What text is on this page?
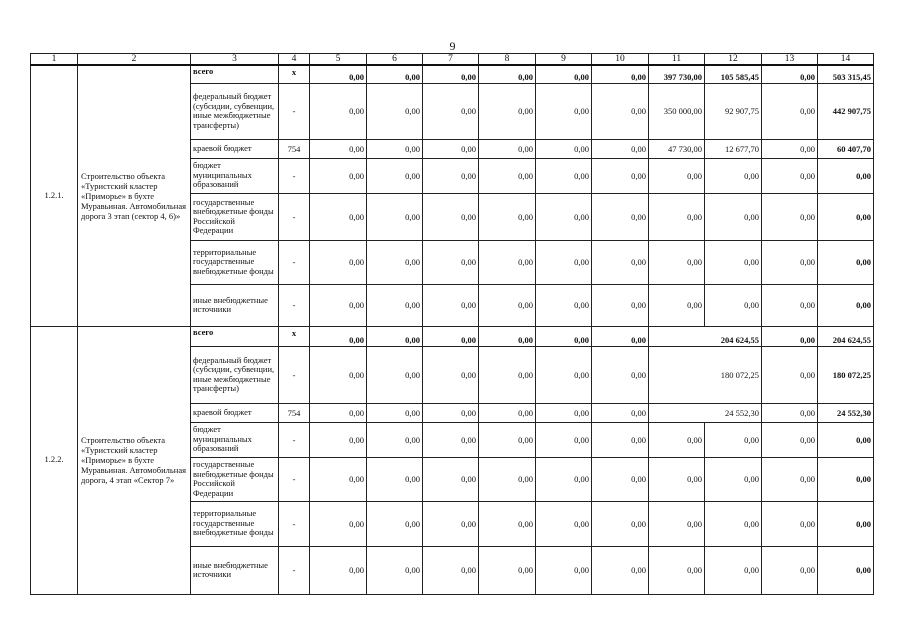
9
1	2	3	4	5	6	7	8	9	10	11	12	13	14
1.2.1.	Строительство объекта «Туристский кластер «Приморье» в бухте Муравьиная. Автомобильная дорога 3 этап (сектор 4, 6)»	всего	x	0,00	0,00	0,00	0,00	0,00	0,00	397 730,00	105 585,45	0,00	503 315,45
		федеральный бюджет (субсидии, субвенции, иные межбюджетные трансферты)	-	0,00	0,00	0,00	0,00	0,00	0,00	350 000,00	92 907,75	0,00	442 907,75
		краевой бюджет	754	0,00	0,00	0,00	0,00	0,00	0,00	47 730,00	12 677,70	0,00	60 407,70
		бюджет муниципальных образований	-	0,00	0,00	0,00	0,00	0,00	0,00	0,00	0,00	0,00	0,00
		государственные внебюджетные фонды Российской Федерации	-	0,00	0,00	0,00	0,00	0,00	0,00	0,00	0,00	0,00	0,00
		территориальные государственные внебюджетные фонды	-	0,00	0,00	0,00	0,00	0,00	0,00	0,00	0,00	0,00	0,00
		иные внебюджетные источники	-	0,00	0,00	0,00	0,00	0,00	0,00	0,00	0,00	0,00	0,00
1.2.2.	Строительство объекта «Туристский кластер «Приморье» в бухте Муравьиная. Автомобильная дорога, 4 этап «Сектор 7»	всего	x	0,00	0,00	0,00	0,00	0,00	0,00	204 624,55		0,00	204 624,55
		федеральный бюджет (субсидии, субвенции, иные межбюджетные трансферты)	-	0,00	0,00	0,00	0,00	0,00	0,00	180 072,25		0,00	180 072,25
		краевой бюджет	754	0,00	0,00	0,00	0,00	0,00	0,00	24 552,30		0,00	24 552,30
		бюджет муниципальных образований	-	0,00	0,00	0,00	0,00	0,00	0,00	0,00	0,00	0,00	0,00
		государственные внебюджетные фонды Российской Федерации	-	0,00	0,00	0,00	0,00	0,00	0,00	0,00	0,00	0,00	0,00
		территориальные государственные внебюджетные фонды	-	0,00	0,00	0,00	0,00	0,00	0,00	0,00	0,00	0,00	0,00
		иные внебюджетные источники	-	0,00	0,00	0,00	0,00	0,00	0,00	0,00	0,00	0,00	0,00
